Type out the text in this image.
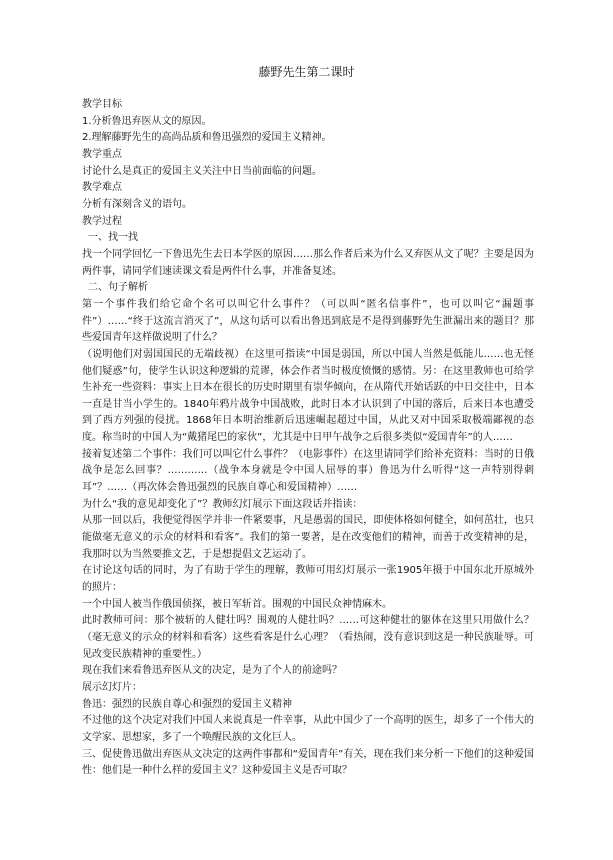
藤野先生第二课时

教学目标

1.分析鲁迅弃医从文的原因。

2.理解藤野先生的高尚品质和鲁迅强烈的爱国主义精神。

教学重点

讨论什么是真正的爱国主义关注中日当前面临的问题。

教学难点

分析有深刻含义的语句。

教学过程

一、找一找

找一个同学回忆一下鲁迅先生去日本学医的原因……那么作者后来为什么又弃医从文了呢？主要是因为两件事，请同学们速读课文看是两件什么事，并准备复述。

二、句子解析

第一个事件我们给它命个名可以叫它什么事件？（可以叫“匿名信事件”，也可以叫它“漏题事件”）……“终于这流言消灭了”，从这句话可以看出鲁迅到底是不是得到藤野先生泄漏出来的题目？那些爱国青年这样做说明了什么？

（说明他们对弱国国民的无端歧视）在这里可指读“中国是弱国，所以中国人当然是低能儿……也无怪他们疑惑”句，使学生认识这种逻辑的荒谬，体会作者当时极度愤慨的感情。另：在这里教师也可给学生补充一些资料：事实上日本在很长的历史时期里有崇华倾向，在从隋代开始话跃的中日交往中，日本一直是甘当小学生的。1840年鸦片战争中国战败，此时日本才认识到了中国的落后，后来日本也遭受到了西方列强的侵扰。1868年日本明治维新后迅速崛起超过中国，从此又对中国采取极端鄙视的态度。称当时的中国人为“戴猪尾巴的家伙”，尤其是中日甲午战争之后很多类似“爱国青年”的人……

接着复述第二个事件：我们可以叫它什么事件？（电影事件）在这里请同学们给补充资料：当时的日俄战争是怎么回事？…………（战争本身就是令中国人屈辱的事）鲁迅为什么听得“这一声特别得刺耳”？……（再次体会鲁迅强烈的民族自尊心和爱国精神）……

为什么“我的意见却变化了”？教师幻灯展示下面这段话并指读：

从那一回以后，我便觉得医学并非一件紧要事，凡是愚弱的国民，即使体格如何健全，如何茁壮，也只能做毫无意义的示众的材料和看客”。我们的第一要著，是在改变他们的精神，而善于改变精神的是，我那时以为当然要推文艺，于是想提倡文艺运动了。

在讨论这句话的同时，为了有助于学生的理解，教师可用幻灯展示一张1905年摄于中国东北开原城外的照片：

一个中国人被当作俄国侦探，被日军斩首。围观的中国民众神情麻木。

此时教师可问：那个被斩的人健壮吗？围观的人健壮吗？……可这种健壮的躯体在这里只用做什么？（毫无意义的示众的材料和看客）这些看客是什么心理？（看热闹，没有意识到这是一种民族耻辱。可见改变民族精神的重要性。）

现在我们来看鲁迅弃医从文的决定，是为了个人的前途吗？

展示幻灯片：

鲁迅：强烈的民族自尊心和强烈的爱国主义精神

不过他的这个决定对我们中国人来说真是一件幸事，从此中国少了一个高明的医生，却多了一个伟大的文学家、思想家，多了一个唤醒民族的文化巨人。

三、促使鲁迅做出弃医从文决定的这两件事都和“爱国青年”有关，现在我们来分析一下他们的这种爱国性：他们是一种什么样的爱国主义？这种爱国主义是否可取？
